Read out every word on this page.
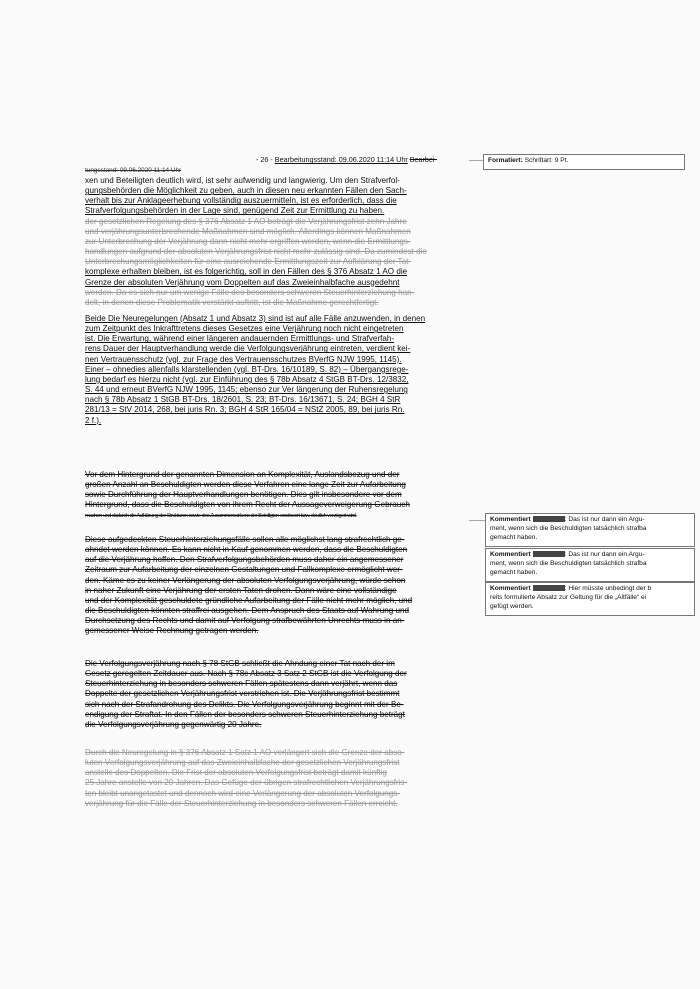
- 26 - Bearbeitungsstand: 09.06.2020 11:14 Uhr Bearbei-
tungsstand: 09.06.2020 11:14 Uhr
xen und Beteiligten deutlich wird, ist sehr aufwendig und langwierig. Um den Strafverfol-
gungsbehörden die Möglichkeit zu geben, auch in diesen neu erkannten Fällen den Sach-
verhalt bis zur Anklageerhebung vollständig auszuermitteln, ist es erforderlich, dass die
Strafverfolgungsbehörden in der Lage sind, genügend Zeit zur Ermittlung zu haben.
der gesetzlichen Regelung des § 376 Absatz 1 AO beträgt die Verjährungsfrist zehn Jahre
und verjährungsunterbrechende Maßnahmen sind möglich. Allerdings können Maßnahmen
zur Unterbrechung der Verjährung dann nicht mehr ergriffen werden, wenn die Ermittlungs-
handlungen aufgrund der absoluten Verjährungsfrist nicht mehr zulässig sind. Da zumindest die
Unterbrechungsmöglichkeiten für eine ausreichende Ermittlungszeit zur Aufklärung der Tat-
komplexe erhalten bleiben, ist es folgerichtig, soll in den Fällen des § 376 Absatz 1 AO die
Grenze der absoluten Verjährung vom Doppelten auf das Zweieinhalbfache ausgedehnt
werden. Da es sich nur um wenige Fälle des besonders schweren Steuerhinterziehung han-
delt, in denen diese Problematik verstärkt auftritt, ist die Maßnahme gerechtfertigt.
Beide Die Neuregelungen (Absatz 1 und Absatz 3) sind ist auf alle Fälle anzuwenden, in denen
zum Zeitpunkt des Inkrafttretens dieses Gesetzes eine Verjährung noch nicht eingetreten
ist. Die Erwartung, während einer längeren andauernden Ermittlungs- und Strafverfah-
rens Dauer der Hauptverhandlung werde die Verfolgungsverjährung eintreten, verdient kei-
nen Vertrauensschutz (vgl. zur Frage des Vertrauensschutzes BVerfG NJW 1995, 1145).
Einer – ohnedies allenfalls klarstellenden (vgl. BT-Drs. 16/10189, S. 82) – Übergangsrege-
lung bedarf es hierzu nicht (vgl. zur Einführung des § 78b Absatz 4 StGB BT-Drs. 12/3832,
S. 44 und erneut BVerfG NJW 1995, 1145; ebenso zur Ver längerung der Ruhensregelung
nach § 78b Absatz 1 StGB BT-Drs. 18/2601, S. 23; BT-Drs. 16/13671, S. 24; BGH 4 StR
281/13 = StV 2014, 268, bei juris Rn. 3; BGH 4 StR 165/04 = NStZ 2005, 89, bei juris Rn.
2 f.).
Vor dem Hintergrund der genannten Dimension an Komplexität, Auslandsbezug und der
großen Anzahl an Beschuldigten werden diese Verfahren eine lange Zeit zur Aufarbeitung
sowie Durchführung der Hauptverhandlungen benötigen. Dies gilt insbesondere vor dem
Hintergrund, dass die Beschuldigten von ihrem Recht der Aussageverweigerung Gebrauch
machen und dadurch die Aufklärung der Strukturen sowie des Zusammenwirkens der Beteiligten erschwert bzw. deutlich verzögert wird.
Diese aufgedeckten Steuerhinterziehungsfälle sollen alle möglichst lang strafrechtlich ge-
ahndet werden können. Es kann nicht in Kauf genommen werden, dass die Beschuldigten
auf die Verjährung hoffen. Den Strafverfolgungsbehörden muss daher ein angemessener
Zeitraum zur Aufarbeitung der einzelnen Gestaltungen und Fallkomplexe ermöglicht wer-
den. Käme es zu keiner Verlängerung der absoluten Verfolgungsverjährung, würde schon
in naher Zukunft eine Verjährung der ersten Taten drohen. Dann wäre eine vollständige
und der Komplexität geschuldete gründliche Aufarbeitung der Fälle nicht mehr möglich, und
die Beschuldigten könnten straffrei ausgehen. Dem Anspruch des Staats auf Wahrung und
Durchsetzung des Rechts und damit auf Verfolgung strafbewährten Unrechts muss in an-
gemessener Weise Rechnung getragen werden.
Die Verfolgungsverjährung nach § 78 StGB schließt die Ahndung einer Tat nach der im
Gesetz geregelten Zeitdauer aus. Nach § 78c Absatz 3 Satz 2 StGB ist die Verfolgung der
Steuerhinterziehung in besonders schweren Fällen spätestens dann verjährt, wenn das
Doppelte der gesetzlichen Verjährungsfrist verstrichen ist. Die Verjährungsfrist bestimmt
sich nach der Strafandrohung des Delikts. Die Verfolgungsverjährung beginnt mit der Be-
endigung der Straftat. In den Fällen der besonders schweren Steuerhinterziehung beträgt
die Verfolgungsverjährung gegenwärtig 20 Jahre.
Durch die Neuregelung in § 376 Absatz 1 Satz 1 AO verlängert sich die Grenze der abso-
luten Verfolgungsverjährung auf das Zweieinhalbfache der gesetzlichen Verjährungsfrist
anstelle des Doppelten. Die Frist der absoluten Verfolgungsfrist beträgt damit künftig
25 Jahre anstelle von 20 Jahren. Das Gefüge der übrigen strafrechtlichen Verjährungsfris-
ten bleibt unangetastet und dennoch wird eine Verlängerung der absoluten Verfolgungs-
verjährung für die Fälle der Steuerhinterziehung in besonders schweren Fällen erreicht.
Formatiert: Schriftart: 9 Pt.
Kommentiert	: Das ist nur dann ein Argu-
ment, wenn sich die Beschuldigten tatsächlich strafba
gemacht haben.
Kommentiert	: Das ist nur dann ein Argu-
ment, wenn sich die Beschuldigten tatsächlich strafba
gemacht haben.
Kommentiert	: Hier müsste unbedingt der b
reits formulierte Absatz zur Geltung für die „Altfälle“ ei
gefügt werden.
